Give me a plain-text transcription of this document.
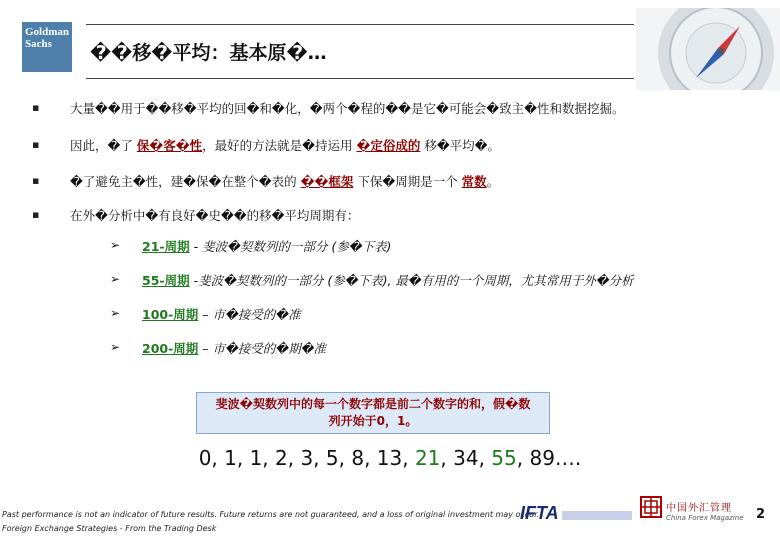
Goldman
Sachs	��移�平均：基本原�…
▪ 大量��用于��移�平均的回�和�化，�两个�程的��是它�可能会�致主�性和数据挖掘。
▪ 因此，�了 保�客�性，最好的方法就是�持运用 �定俗成的 移�平均�。
▪ �了避免主�性，建�保�在整个�表的 ��框架 下保�周期是一个 常数。
▪ 在外�分析中�有良好�史��的移�平均周期有：
➢ 21-周期 - 斐波�契数列的一部分 (参�下表)
➢ 55-周期 -斐波�契数列的一部分 (参�下表), 最�有用的一个周期，尤其常用于外�分析
➢ 100-周期 – 市�接受的�准
➢ 200-周期 – 市�接受的�期�准
斐波�契数列中的每一个数字都是前二个数字的和，假�数
列开始于0，1。
0, 1, 1, 2, 3, 5, 8, 13, 21, 34, 55, 89….
Past performance is not an indicator of future results. Future returns are not guaranteed, and a loss of original investment may occur.
Foreign Exchange Strategies - From the Trading Desk
IFTA	中国外汇管理
China Forex Magazine 2
